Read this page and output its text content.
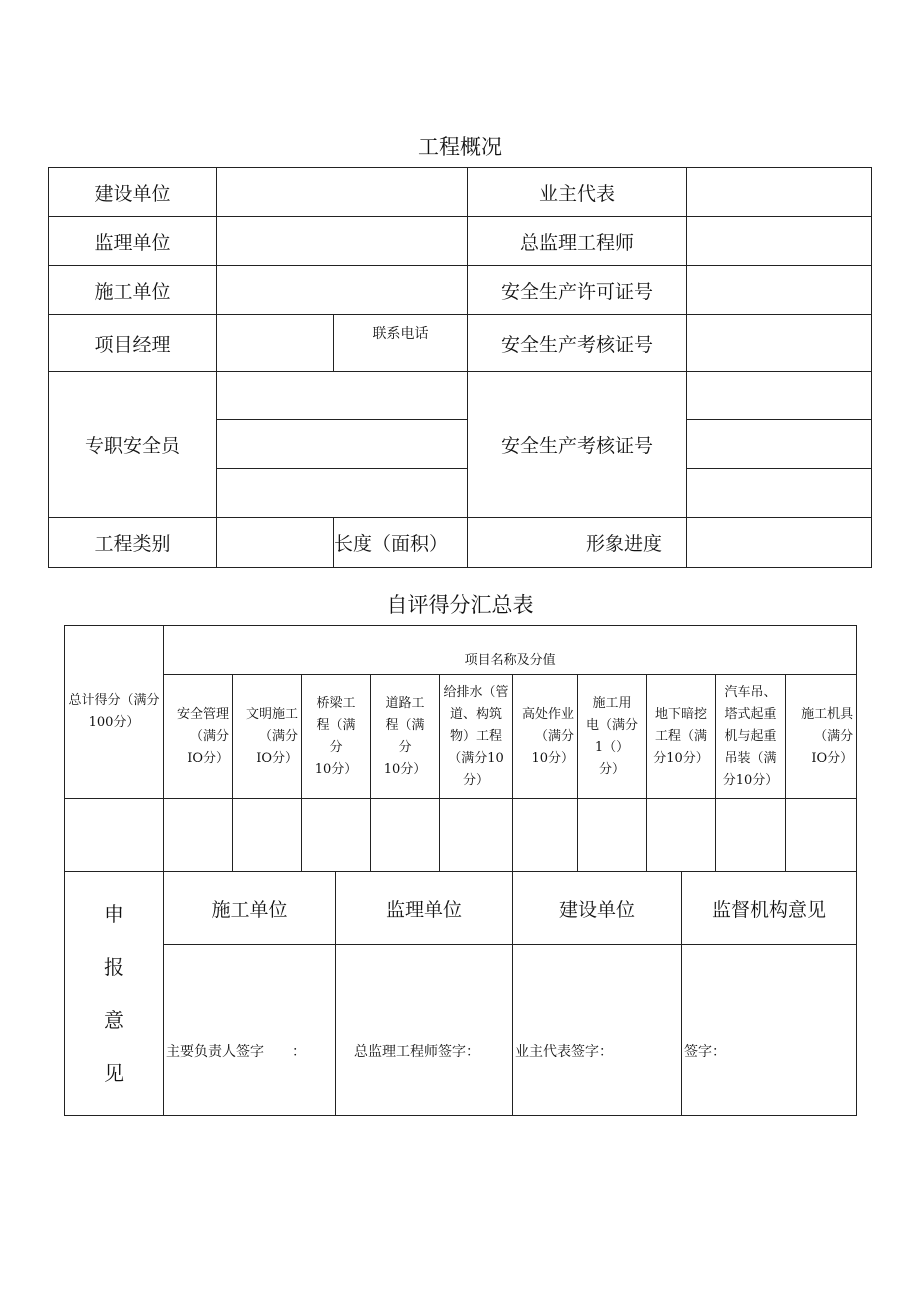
工程概况
建设单位			业主代表	
监理单位			总监理工程师	
施工单位			安全生产许可证号	
项目经理		联系电话	安全生产考核证号	
专职安全员			安全生产考核证号	

工程类别		长度（面积）	形象进度	
自评得分汇总表
总计得分（满分
100分）	项目名称及分值									
	安全管理
（满分
IO分）	文明施工
（满分
IO分）	桥梁工
程（满
分
10分）	道路工
程（满
分
10分）	给排水（管
道、构筑
物）工程
（满分10
分）	高处作业
（满分
10分）	施工用
电（满分
1（）
分）	地下暗挖
工程（满
分10分）	汽车吊、
塔式起重
机与起重
吊装（满
分10分）	施工机具
（满分
IO分）

申
报
意
见	施工单位	监理单位	建设单位	监督机构意见

	主要负责人签字　　：	总监理工程师签字：	业主代表签字：	签字：
